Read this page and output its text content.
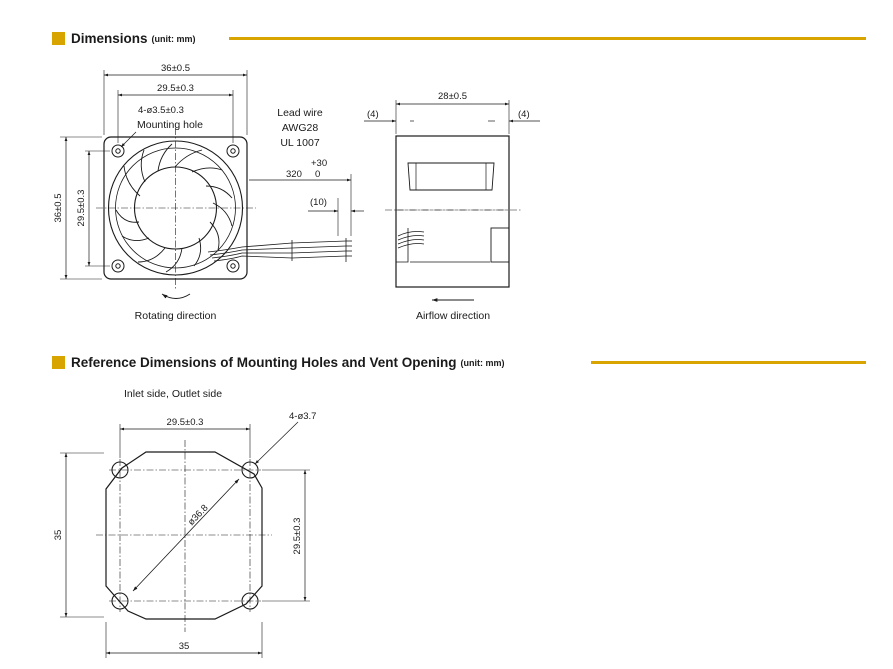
Dimensions (unit: mm)
Reference Dimensions of Mounting Holes and Vent Opening (unit: mm)
36±0.5
29.5±0.3
4-ø3.5±0.3
Mounting hole
36±0.5 29.5±0.3
Rotating direction
Lead wire
AWG28
UL 1007
+30
320 0
(10)
28±0.5
(4)	(4)
Airflow direction
Inlet side, Outlet side
29.5±0.3
4-ø3.7
ø36.8
35	29.5±0.3
35
